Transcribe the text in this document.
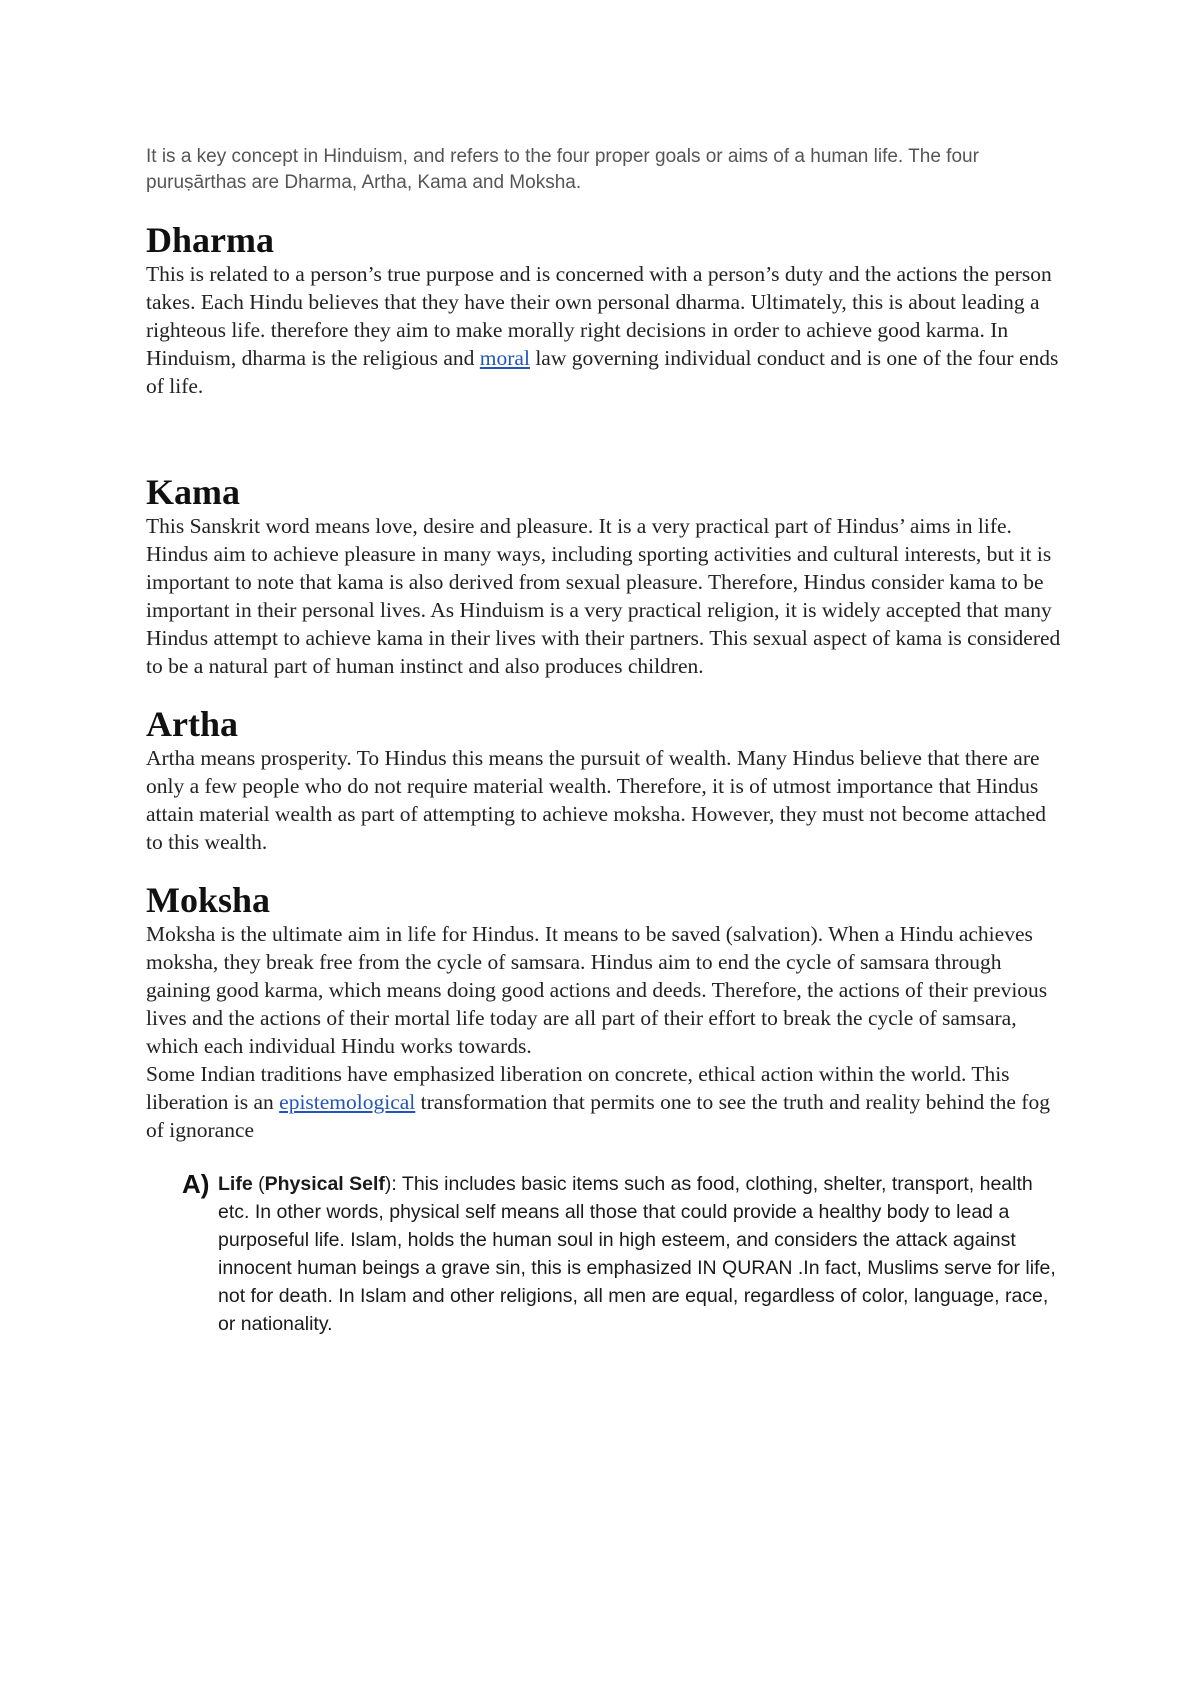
It is a key concept in Hinduism, and refers to the four proper goals or aims of a human life. The four puruṣārthas are Dharma, Artha, Kama and Moksha.

Dharma

This is related to a person’s true purpose and is concerned with a person’s duty and the actions the person takes. Each Hindu believes that they have their own personal dharma. Ultimately, this is about leading a righteous life. therefore they aim to make morally right decisions in order to achieve good karma. In Hinduism, dharma is the religious and moral law governing individual conduct and is one of the four ends of life.

Kama

This Sanskrit word means love, desire and pleasure. It is a very practical part of Hindus’ aims in life. Hindus aim to achieve pleasure in many ways, including sporting activities and cultural interests, but it is important to note that kama is also derived from sexual pleasure. Therefore, Hindus consider kama to be important in their personal lives. As Hinduism is a very practical religion, it is widely accepted that many Hindus attempt to achieve kama in their lives with their partners. This sexual aspect of kama is considered to be a natural part of human instinct and also produces children.

Artha

Artha means prosperity. To Hindus this means the pursuit of wealth. Many Hindus believe that there are only a few people who do not require material wealth. Therefore, it is of utmost importance that Hindus attain material wealth as part of attempting to achieve moksha. However, they must not become attached to this wealth.

Moksha

Moksha is the ultimate aim in life for Hindus. It means to be saved (salvation). When a Hindu achieves moksha, they break free from the cycle of samsara. Hindus aim to end the cycle of samsara through gaining good karma, which means doing good actions and deeds. Therefore, the actions of their previous lives and the actions of their mortal life today are all part of their effort to break the cycle of samsara, which each individual Hindu works towards.

Some Indian traditions have emphasized liberation on concrete, ethical action within the world. This liberation is an epistemological transformation that permits one to see the truth and reality behind the fog of ignorance

A) Life (Physical Self): This includes basic items such as food, clothing, shelter, transport, health etc. In other words, physical self means all those that could provide a healthy body to lead a purposeful life. Islam, holds the human soul in high esteem, and considers the attack against innocent human beings a grave sin, this is emphasized IN QURAN .In fact, Muslims serve for life, not for death. In Islam and other religions, all men are equal, regardless of color, language, race, or nationality.
